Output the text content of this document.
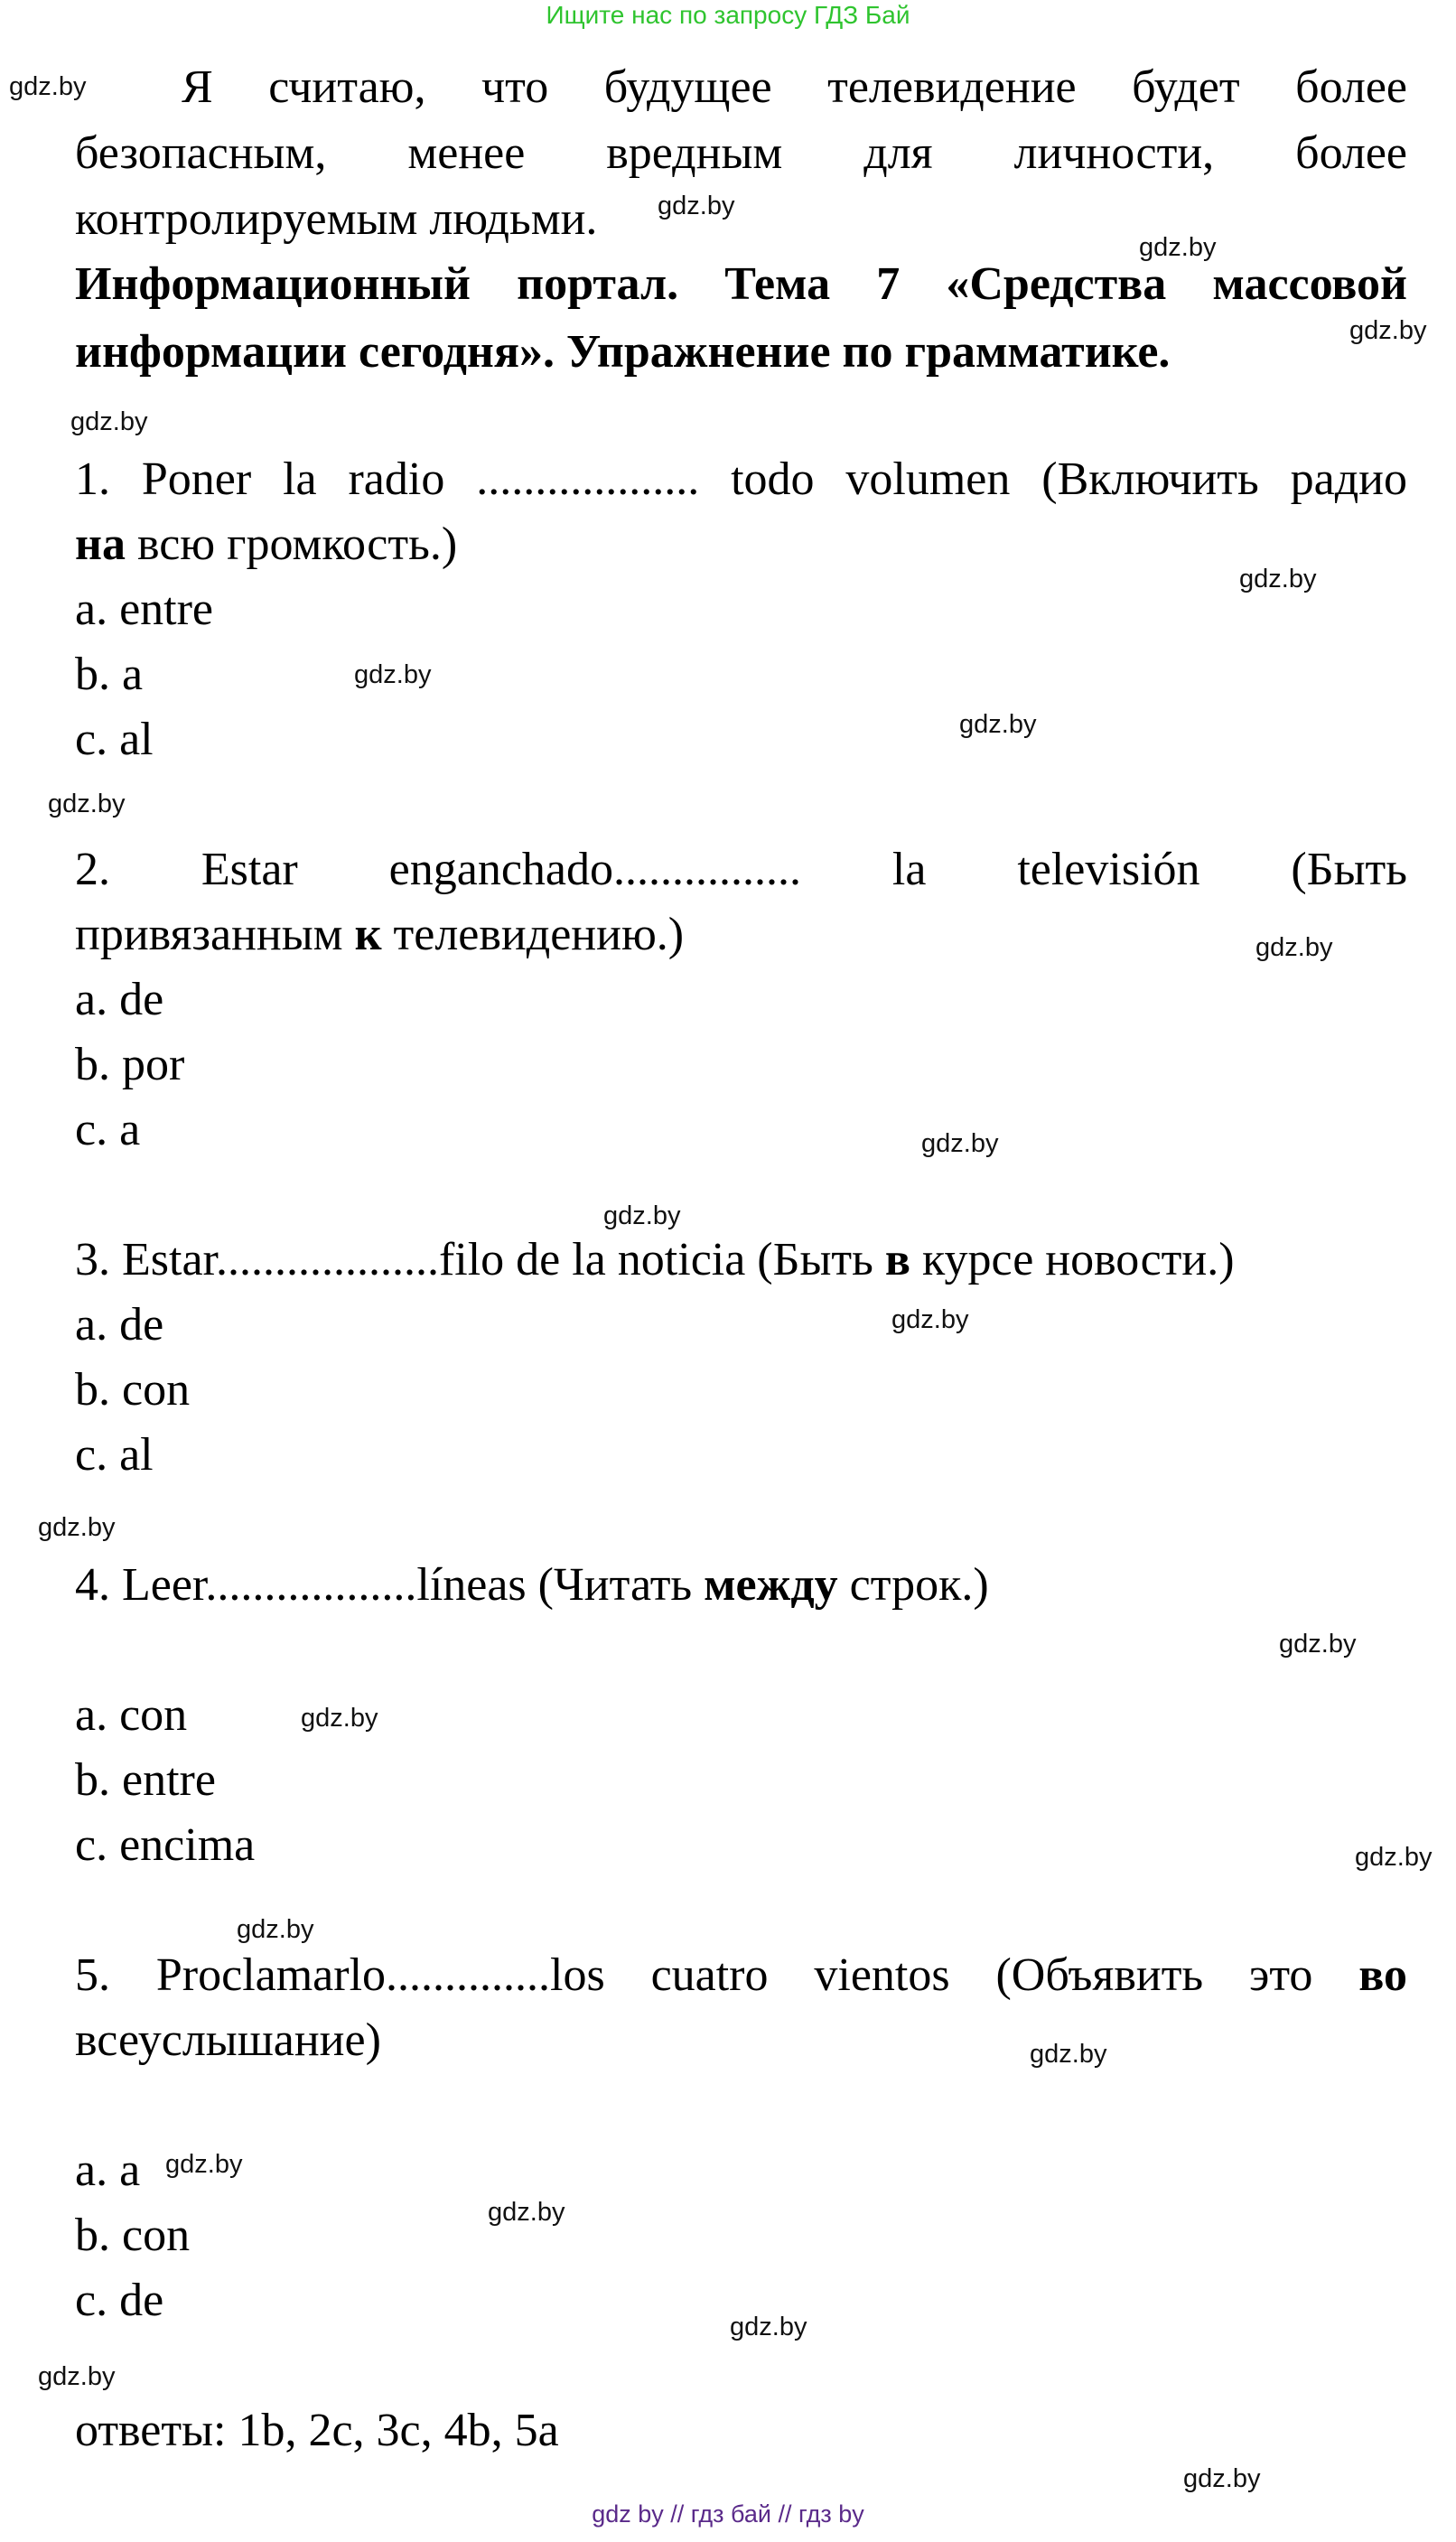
Ищите нас по запросу ГДЗ Бай
Я считаю, что будущее телевидение будет более
безопасным, менее вредным для личности, более
контролируемым людьми.
Информационный портал. Тема 7 «Средства массовой
информации сегодня». Упражнение по грамматике.
1. Poner la radio ................... todo volumen (Включить радио
на всю громкость.)
a. entre
b. a
c. al
2. Estar enganchado................ la televisión (Быть
привязанным к телевидению.)
a. de
b. por
c. a
3. Estar...................filo de la noticia (Быть в курсе новости.)
a. de
b. con
c. al
4. Leer..................líneas (Читать между строк.)
a. con
b. entre
c. encima
5. Proclamarlo..............los cuatro vientos (Объявить это во
всеуслышание)
a. a
b. con
c. de
ответы: 1b, 2c, 3c, 4b, 5a
gdz.by
gdz.by
gdz.by
gdz.by
gdz.by
gdz.by
gdz.by
gdz.by
gdz.by
gdz.by
gdz.by
gdz.by
gdz.by
gdz.by
gdz.by
gdz.by
gdz.by
gdz.by
gdz.by
gdz.by
gdz.by
gdz.by
gdz.by
gdz.by
gdz by // гдз бай // гдз by
